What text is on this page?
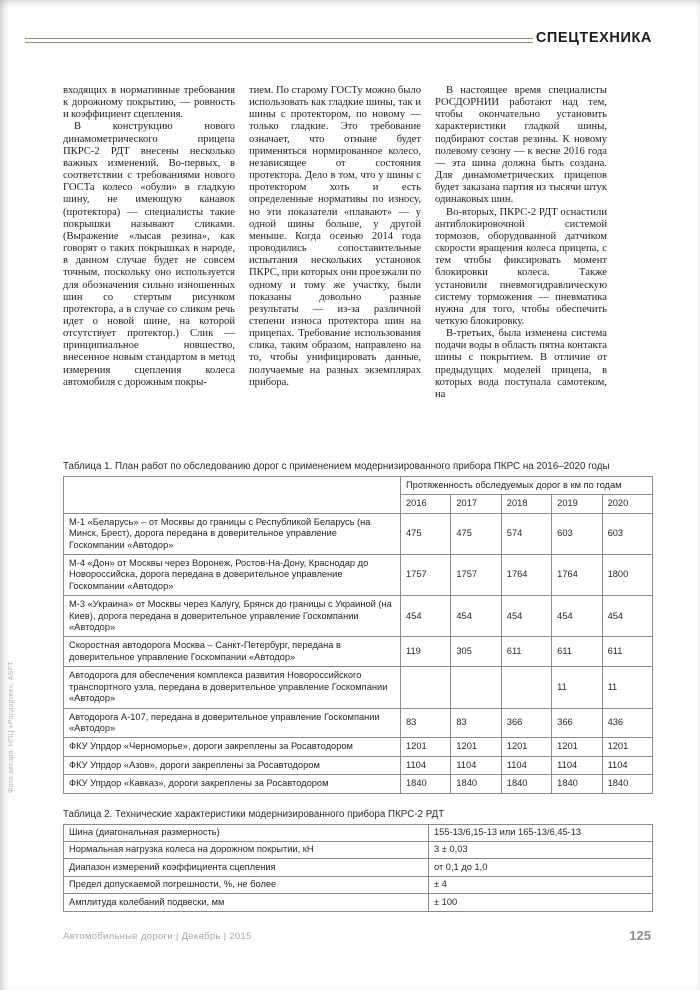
СПЕЦТЕХНИКА
Фото автора, НПЦ «Росдортех», ASFT

входящих в нормативные требования к дорожному покрытию, — ровность и коэффициент сцепления.

В конструкцию нового динамометрического прицепа ПКРС-2 РДТ внесены несколько важных изменений. Во-первых, в соответствии с требованиями нового ГОСТа колесо «обули» в гладкую шину, не имеющую канавок (протектора) — специалисты такие покрышки называют сликами. (Выражение «лысая резина», как говорят о таких покрышках в народе, в данном случае будет не совсем точным, поскольку оно используется для обозначения сильно изношенных шин со стертым рисунком протектора, а в случае со сликом речь идет о новой шине, на которой отсутствует протектор.) Слик — принципиальное новшество, внесенное новым стандартом в метод измерения сцепления колеса автомобиля с дорожным покры-

тием. По старому ГОСТу можно было использовать как гладкие шины, так и шины с протектором, по новому — только гладкие. Это требование означает, что отныне будет применяться нормированное колесо, независящее от состояния протектора. Дело в том, что у шины с протектором хоть и есть определенные нормативы по износу, но эти показатели «плавают» — у одной шины больше, у другой меньше. Когда осенью 2014 года проводились сопоставительные испытания нескольких установок ПКРС, при которых они проезжали по одному и тому же участку, были показаны довольно разные результаты — из-за различной степени износа протектора шин на прицепах. Требование использования слика, таким образом, направлено на то, чтобы унифицировать данные, получаемые на разных экземплярах прибора.

В настоящее время специалисты РОСДОРНИИ работают над тем, чтобы окончательно установить характеристики гладкой шины, подбирают состав резины. К новому полевому сезону — к весне 2016 года — эта шина должна быть создана. Для динамометрических прицепов будет заказана партия из тысячи штук одинаковых шин.

Во-вторых, ПКРС-2 РДТ оснастили антиблокировочной системой тормозов, оборудованной датчиком скорости вращения колеса прицепа, с тем чтобы фиксировать момент блокировки колеса. Также установили пневмогидравлическую систему торможения — пневматика нужна для того, чтобы обеспечить четкую блокировку.

В-третьих, была изменена система подачи воды в область пятна контакта шины с покрытием. В отличие от предыдущих моделей прицепа, в которых вода поступала самотеком, на

Таблица 1. План работ по обследованию дорог с применением модернизированного прибора ПКРС на 2016–2020 годы

	Протяженность обследуемых дорог в км по годам				
	2016	2017	2018	2019	2020
М-1 «Беларусь» – от Москвы до границы с Республикой Беларусь (на Минск, Брест), дорога передана в доверительное управление Госкомпании «Автодор»	475	475	574	603	603
М-4 «Дон» от Москвы через Воронеж, Ростов-На-Дону, Краснодар до Новороссийска, дорога передана в доверительное управление Госкомпании «Автодор»	1757	1757	1764	1764	1800
М-3 «Украина» от Москвы через Калугу, Брянск до границы с Украиной (на Киев), дорога передана в доверительное управление Госкомпании «Автодор»	454	454	454	454	454
Скоростная автодорога Москва – Санкт-Петербург, передана в доверительное управление Госкомпании «Автодор»	119	305	611	611	611
Автодорога для обеспечения комплекса развития Новороссийского транспортного узла, передана в доверительное управление Госкомпании «Автодор»				11	11
Автодорога А-107, передана в доверительное управление Госкомпании «Автодор»	83	83	366	366	436
ФКУ Упрдор «Черноморье», дороги закреплены за Росавтодором	1201	1201	1201	1201	1201
ФКУ Упрдор «Азов», дороги закреплены за Росавтодором	1104	1104	1104	1104	1104
ФКУ Упрдор «Кавказ», дороги закреплены за Росавтодором	1840	1840	1840	1840	1840

Таблица 2. Технические характеристики модернизированного прибора ПКРС-2 РДТ

Шина (диагональная размерность)	155-13/6,15-13 или 165-13/6,45-13
Нормальная нагрузка колеса на дорожном покрытии, кН	3 ± 0,03
Диапазон измерений коэффициента сцепления	от 0,1 до 1,0
Предел допускаемой погрешности, %, не более	± 4
Амплитуда колебаний подвески, мм	± 100
Автомобильные дороги | Декабрь | 2015	125
